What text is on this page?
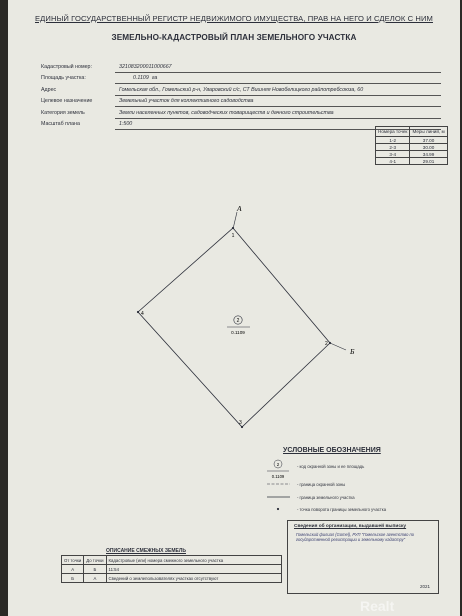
ЕДИНЫЙ ГОСУДАРСТВЕННЫЙ РЕГИСТР НЕДВИЖИМОГО ИМУЩЕСТВА, ПРАВ НА НЕГО И СДЕЛОК С НИМ
ЗЕМЕЛЬНО-КАДАСТРОВЫЙ ПЛАН ЗЕМЕЛЬНОГО УЧАСТКА
Кадастровый номер:	321083200011000667
Площадь участка:	0.1109 га
Адрес	Гомельская обл., Гомельский р-н, Уваровский с/с, СТ Вишняя Новобелицкого райпотребсоюза, 60
Целевое назначение	Земельный участок для коллективного садоводства
Категория земель	Земли населенных пунктов, садоводческих товариществ и дачного строительства
Масштаб плана	1:500
Номера точек	Меры линий, м
1-2	37.00
2-3	30.00
3-4	34.99
4-1	29.01
1
2
3
4
А
Б
2
0.1109
2
0.1109
УСЛОВНЫЕ ОБОЗНАЧЕНИЯ
- код охранной зоны и ее площадь
- граница охранной зоны
- граница земельного участка
- точка поворота границы земельного участка
Сведения об организации, выдавшей выписку
Гомельский филиал (Gomel), РУП "Гомельское агентство по государственной регистрации и земельному кадастру"
2021
ОПИСАНИЕ СМЕЖНЫХ ЗЕМЕЛЬ
От точки	До точки	Кадастровые (или) номера смежного земельного участка
А	Б	11:54
Б	А	Сведений о землепользователях участках отсутствуют
Realt
